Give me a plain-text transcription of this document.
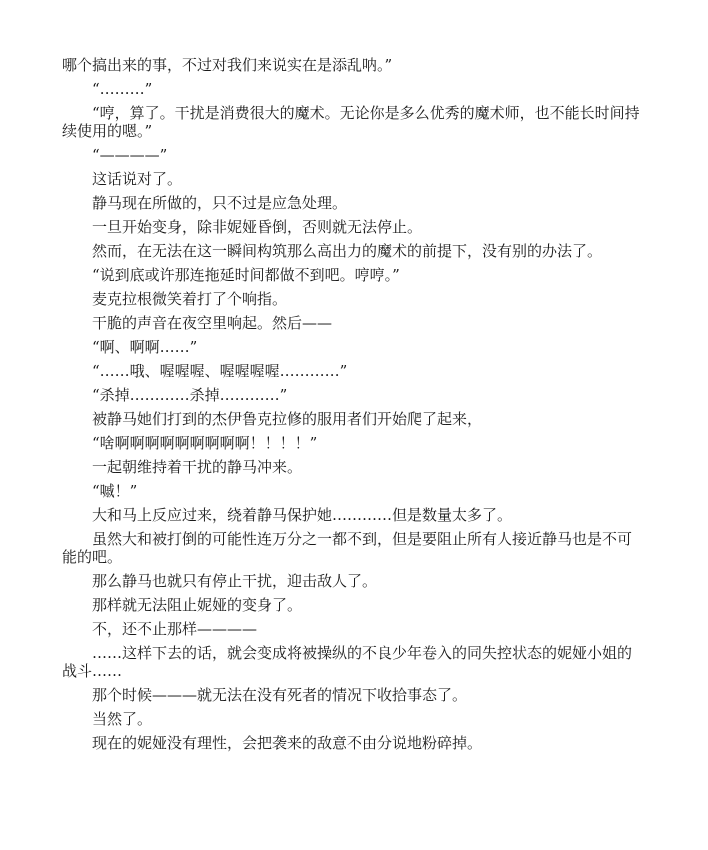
哪个搞出来的事，不过对我们来说实在是添乱呐。”

“………”

“哼，算了。干扰是消费很大的魔术。无论你是多么优秀的魔术师，也不能长时间持续使用的嗯。”

“————”

这话说对了。

静马现在所做的，只不过是应急处理。

一旦开始变身，除非妮娅昏倒，否则就无法停止。

然而，在无法在这一瞬间构筑那么高出力的魔术的前提下，没有别的办法了。

“说到底或许那连拖延时间都做不到吧。哼哼。”

麦克拉根微笑着打了个响指。

干脆的声音在夜空里响起。然后——

“啊、啊啊……”

“……哦、喔喔喔、喔喔喔喔…………”

“杀掉…………杀掉…………”

被静马她们打到的杰伊鲁克拉修的服用者们开始爬了起来，

“啥啊啊啊啊啊啊啊啊啊！！！！”

一起朝维持着干扰的静马冲来。

“嘁！”

大和马上反应过来，绕着静马保护她…………但是数量太多了。

虽然大和被打倒的可能性连万分之一都不到，但是要阻止所有人接近静马也是不可能的吧。

那么静马也就只有停止干扰，迎击敌人了。

那样就无法阻止妮娅的变身了。

不，还不止那样————

……这样下去的话，就会变成将被操纵的不良少年卷入的同失控状态的妮娅小姐的战斗……

那个时候———就无法在没有死者的情况下收拾事态了。

当然了。

现在的妮娅没有理性，会把袭来的敌意不由分说地粉碎掉。
